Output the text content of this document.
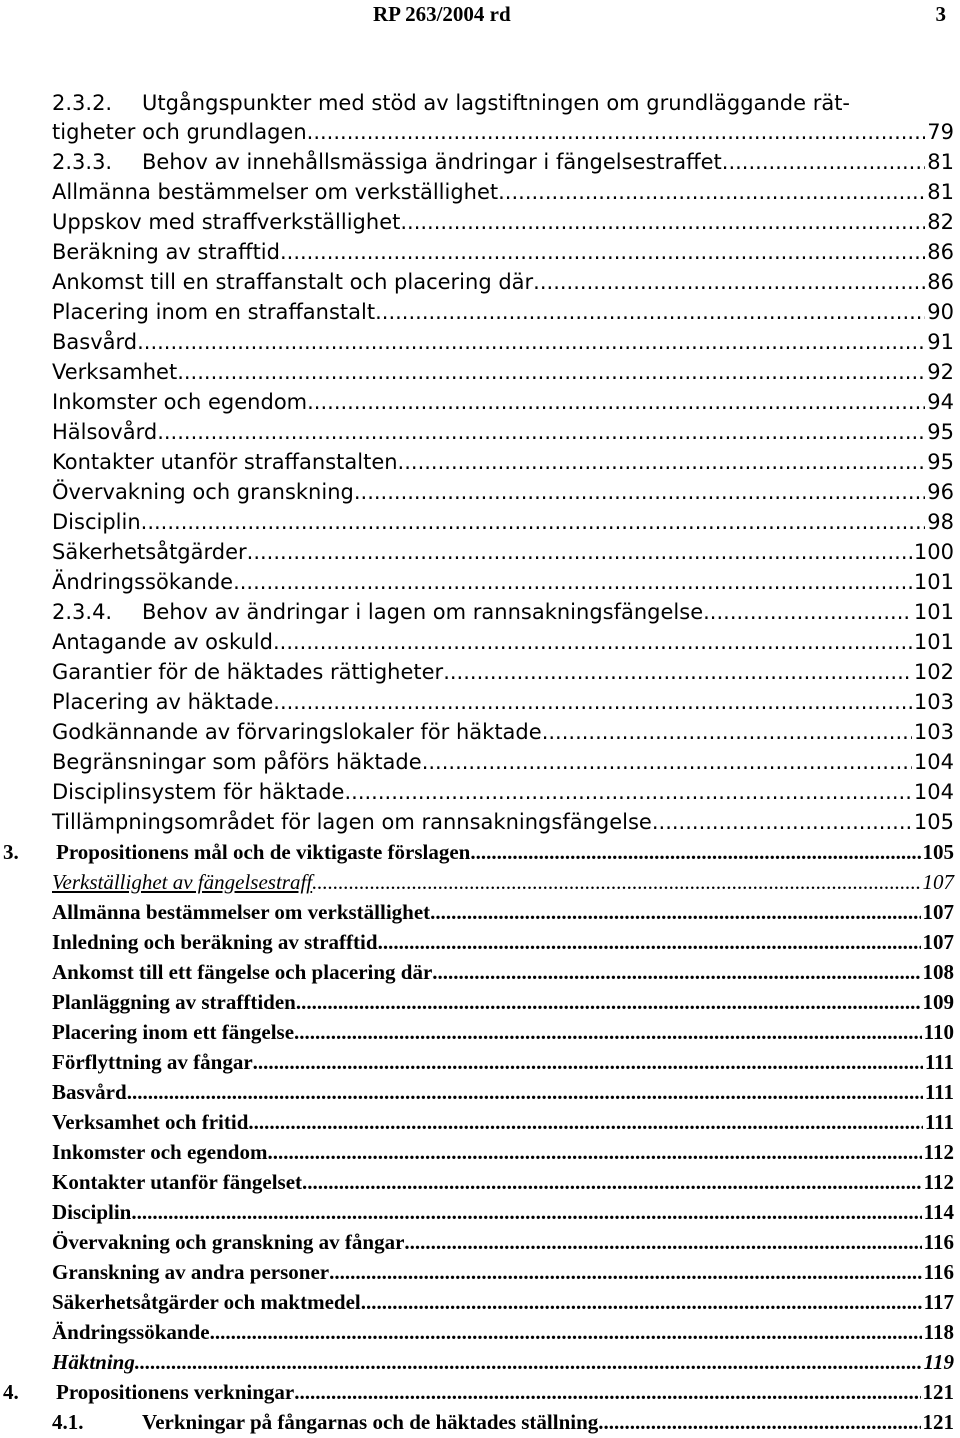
RP 263/2004 rd	3
2.3.2.	Utgångspunkter med stöd av lagstiftningen om grundläggande rät-
tigheter och grundlagen .....	79
2.3.3.	Behov av innehållsmässiga ändringar i fängelsestraffet .....	81
Allmänna bestämmelser om verkställighet .....	81
Uppskov med straffverkställighet .....	82
Beräkning av strafftid .....	86
Ankomst till en straffanstalt och placering där .....	86
Placering inom en straffanstalt .....	90
Basvård .....	91
Verksamhet .....	92
Inkomster och egendom .....	94
Hälsovård .....	95
Kontakter utanför straffanstalten .....	95
Övervakning och granskning .....	96
Disciplin .....	98
Säkerhetsåtgärder .....	100
Ändringssökande .....	101
2.3.4.	Behov av ändringar i lagen om rannsakningsfängelse .....	101
Antagande av oskuld .....	101
Garantier för de häktades rättigheter .....	102
Placering av häktade .....	103
Godkännande av förvaringslokaler för häktade .....	103
Begränsningar som påförs häktade .....	104
Disciplinsystem för häktade .....	104
Tillämpningsområdet för lagen om rannsakningsfängelse .....	105
3.	Propositionens mål och de viktigaste förslagen .....	105
Verkställighet av fängelsestraff .....	107
Allmänna bestämmelser om verkställighet .....	107
Inledning och beräkning av strafftid .....	107
Ankomst till ett fängelse och placering där .....	108
Planläggning av strafftiden .....	109
Placering inom ett fängelse .....	110
Förflyttning av fångar .....	111
Basvård .....	111
Verksamhet och fritid .....	111
Inkomster och egendom .....	112
Kontakter utanför fängelset .....	112
Disciplin .....	114
Övervakning och granskning av fångar .....	116
Granskning av andra personer .....	116
Säkerhetsåtgärder och maktmedel .....	117
Ändringssökande .....	118
Häktning .....	119
4.	Propositionens verkningar .....	121
4.1.	Verkningar på fångarnas och de häktades ställning .....	121
